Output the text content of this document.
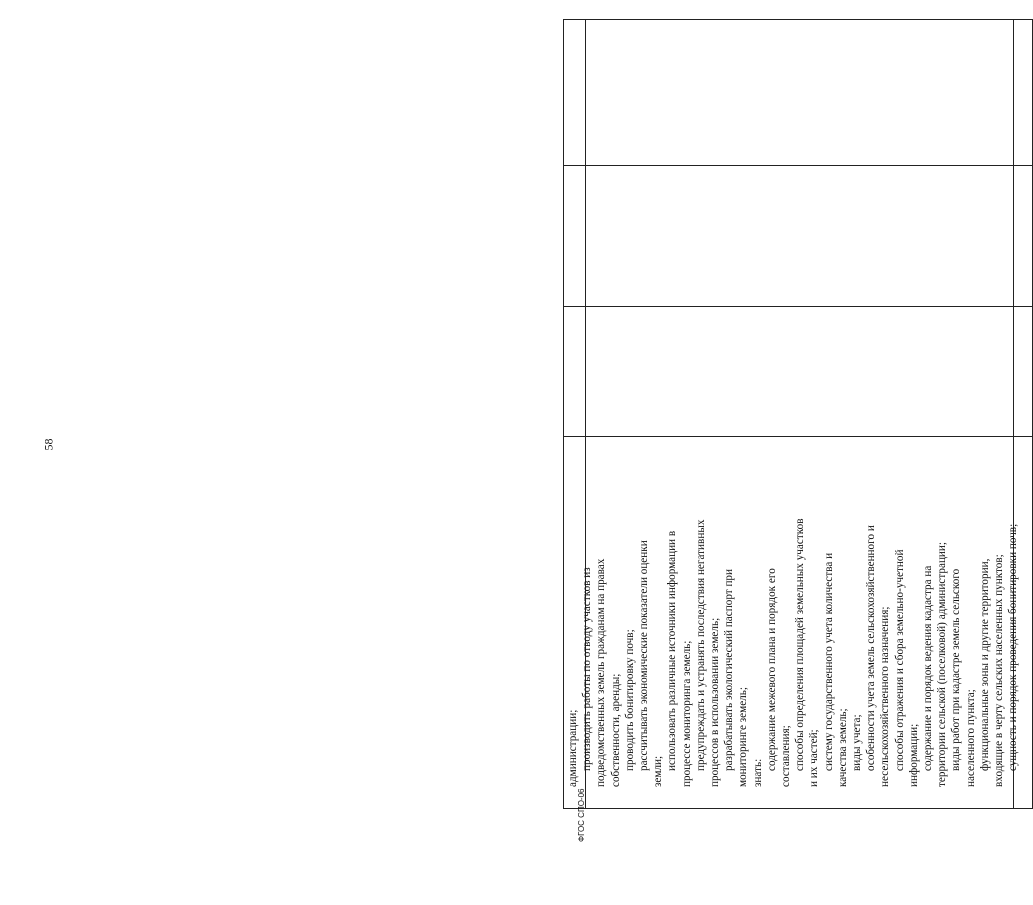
администрации; производить работы по отводу участков из подведомственных земель гражданам на правах собственности, аренды; проводить бонитировку почв; рассчитывать экономические показатели оценки
земли;
использовать различные источники информации в процессе мониторинга земель; предупреждать и устранять последствия негативных процессов в использовании земель; разрабатывать экологический паспорт при мониторинге земель; знать:
содержание межевого плана и порядок его составления; способы определения площадей земельных участков и их частей; систему государственного учета количества и качества земель; виды учета; особенности учета земель сельскохозяйственного и несельскохозяйственного назначения; способы отражения и сбора земельно-учетной информации; содержание и порядок ведения кадастра на территории сельской (поселковой) администрации; виды работ при кадастре земель сельского населенного пункта; функциональные зоны и другие территории, входящие в черту сельских населенных пунктов; сущность и порядок проведения бонитировки почв;
58
ФГОС СПО-06
